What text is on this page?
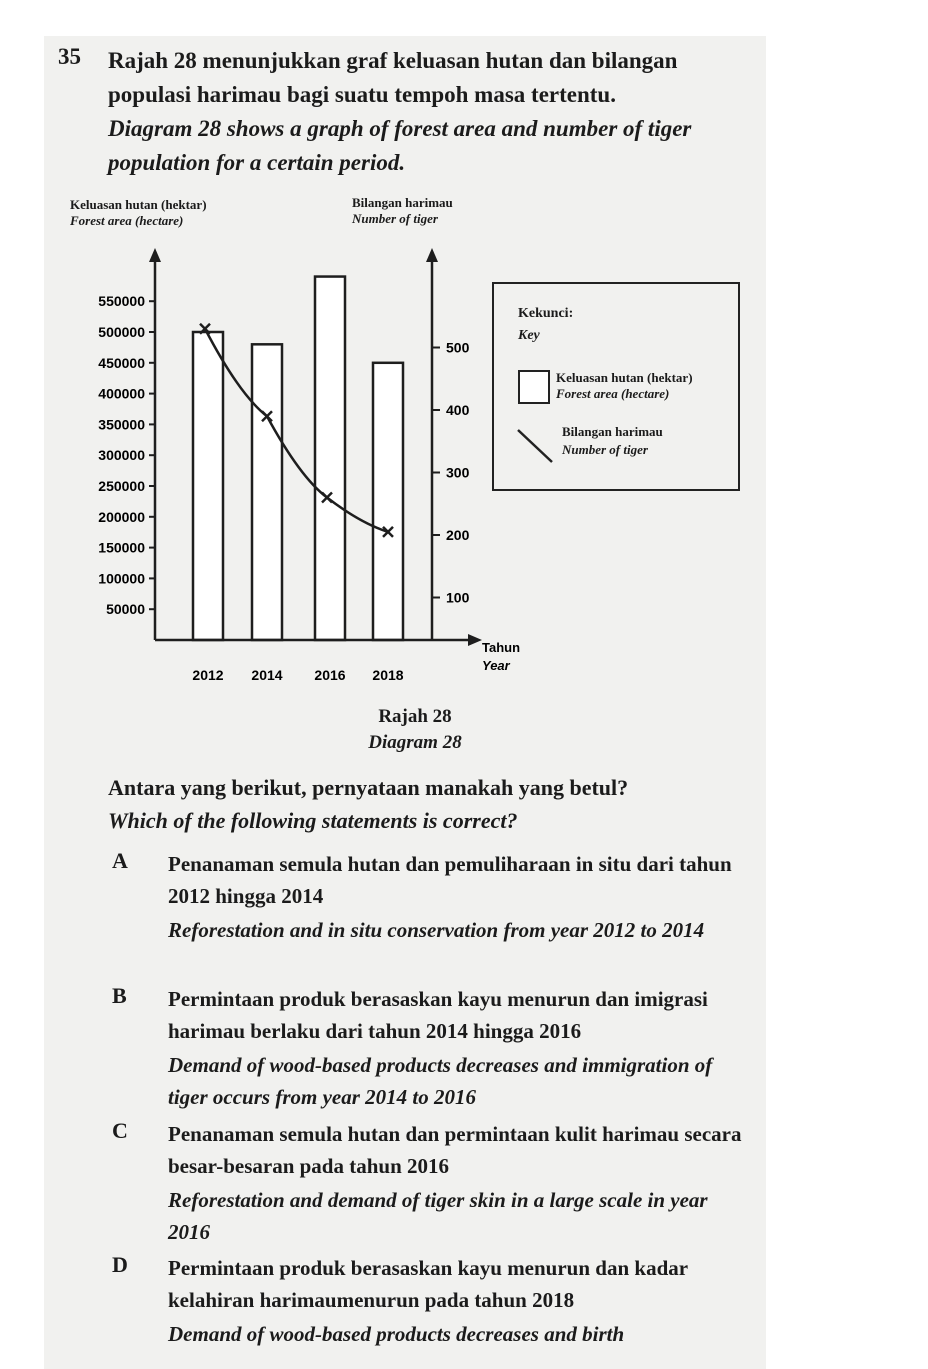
35 Rajah 28 menunjukkan graf keluasan hutan dan bilangan populasi harimau bagi suatu tempoh masa tertentu.
Diagram 28 shows a graph of forest area and number of tiger population for a certain period.
Keluasan hutan (hektar)
Forest area (hectare)
Bilangan harimau
Number of tiger
50000
100000
150000
200000
250000
300000
350000
400000
450000
500000
550000
100
200
300
400
500
2012 2014 2016 2018
Tahun
Year
Kekunci:
Key
Keluasan hutan (hektar)
Forest area (hectare)
Bilangan harimau
Number of tiger
Rajah 28
Diagram 28
Antara yang berikut, pernyataan manakah yang betul?
Which of the following statements is correct?
A Penanaman semula hutan dan pemuliharaan in situ dari tahun 2012 hingga 2014
Reforestation and in situ conservation from year 2012 to 2014
B Permintaan produk berasaskan kayu menurun dan imigrasi harimau berlaku dari tahun 2014 hingga 2016
Demand of wood-based products decreases and immigration of tiger occurs from year 2014 to 2016
C Penanaman semula hutan dan permintaan kulit harimau secara besar-besaran pada tahun 2016
Reforestation and demand of tiger skin in a large scale in year 2016
D Permintaan produk berasaskan kayu menurun dan kadar kelahiran harimaumenurun pada tahun 2018
Demand of wood-based products decreases and birth
